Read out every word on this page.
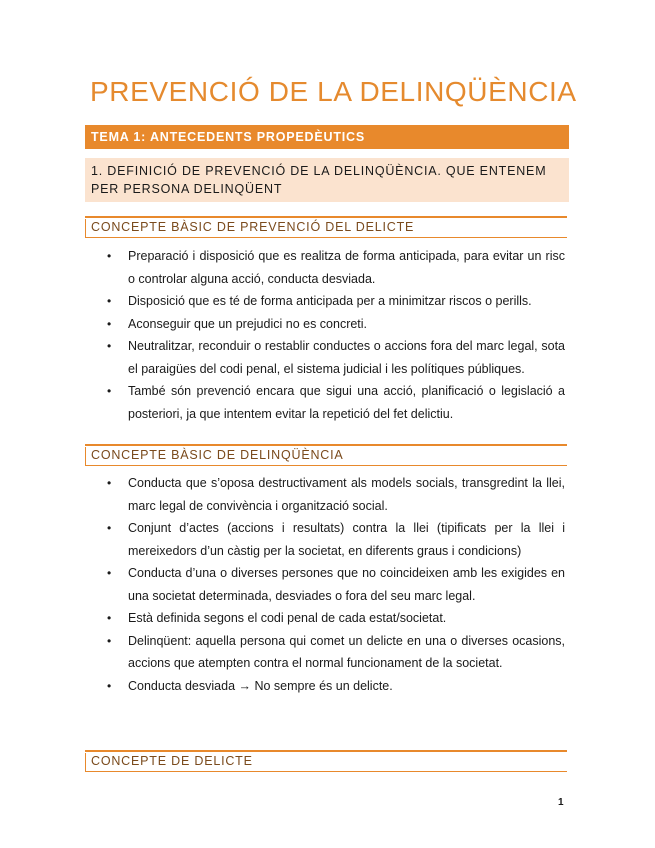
PREVENCIÓ DE LA DELINQÜÈNCIA
TEMA 1: ANTECEDENTS PROPEDÈUTICS
1. DEFINICIÓ DE PREVENCIÓ DE LA DELINQÜÈNCIA. QUE ENTENEM PER PERSONA DELINQÜENT
CONCEPTE BÀSIC DE PREVENCIÓ DEL DELICTE
• Preparació i disposició que es realitza de forma anticipada, para evitar un risc o controlar alguna acció, conducta desviada.
• Disposició que es té de forma anticipada per a minimitzar riscos o perills.
• Aconseguir que un prejudici no es concreti.
• Neutralitzar, reconduir o restablir conductes o accions fora del marc legal, sota el paraigües del codi penal, el sistema judicial i les polítiques públiques.
• També són prevenció encara que sigui una acció, planificació o legislació a posteriori, ja que intentem evitar la repetició del fet delictiu.
CONCEPTE BÀSIC DE DELINQÜÈNCIA
• Conducta que s’oposa destructivament als models socials, transgredint la llei, marc legal de convivència i organització social.
• Conjunt d’actes (accions i resultats) contra la llei (tipificats per la llei i mereixedors d’un càstig per la societat, en diferents graus i condicions)
• Conducta d’una o diverses persones que no coincideixen amb les exigides en una societat determinada, desviades o fora del seu marc legal.
• Està definida segons el codi penal de cada estat/societat.
• Delinqüent: aquella persona qui comet un delicte en una o diverses ocasions, accions que atempten contra el normal funcionament de la societat.
• Conducta desviada → No sempre és un delicte.
CONCEPTE DE DELICTE
1
